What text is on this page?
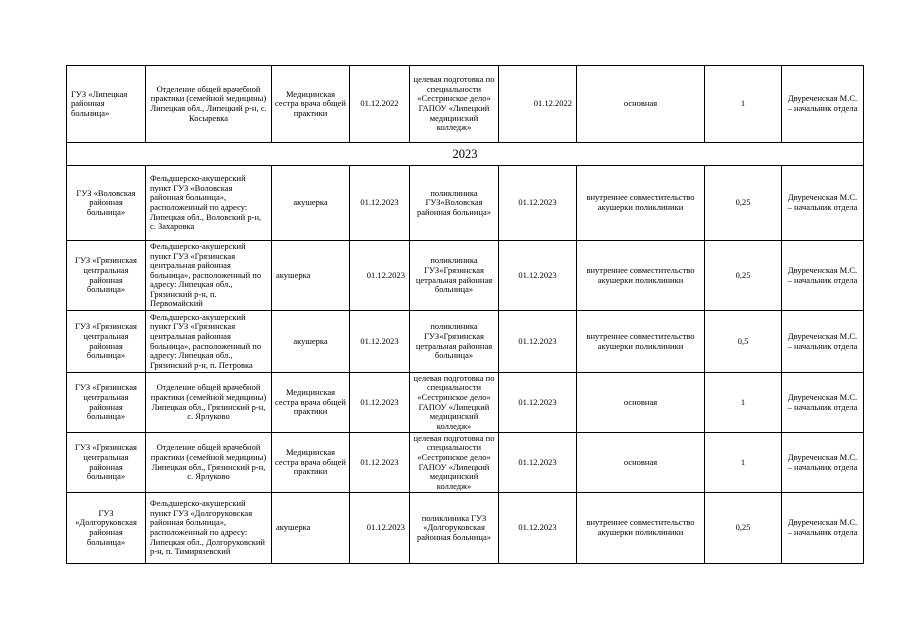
ГУЗ «Липецкая районная больница»	Отделение общей врачебной практики (семейной медицины) Липецкая обл., Липецкий р-н, с. Косыревка	Медицинская сестра врача общей практики	01.12.2022	целевая подготовка по специальности «Сестринское дело» ГАПОУ «Липецкий медицинский колледж»	01.12.2022	основная	1	Двуреченская М.С. – начальник отдела
2023								
ГУЗ «Воловская районная больница»	Фельдшерско-акушерский пункт ГУЗ «Воловская районная больница», расположенный по адресу: Липецкая обл., Воловский р-н, с. Захаровка	акушерка	01.12.2023	поликлиника ГУЗ«Воловская районная больница»	01.12.2023	внутреннее совместительство акушерки поликлиники	0,25	Двуреченская М.С. – начальник отдела
ГУЗ «Грязинская центральная районная больница»	Фельдшерско-акушерский пункт ГУЗ «Грязинская центральная районная больница», расположенный по адресу: Липецкая обл., Грязинский р-н, п. Первомайский	акушерка	01.12.2023	поликлиника ГУЗ«Грязинская цетральная районная больница»	01.12.2023	внутреннее совместительство акушерки поликлиники	0,25	Двуреченская М.С. – начальник отдела
ГУЗ «Грязинская центральная районная больница»	Фельдшерско-акушерский пункт ГУЗ «Грязинская центральная районная больница», расположенный по адресу: Липецкая обл., Грязинский р-н, п. Петровка	акушерка	01.12.2023	поликлиника ГУЗ«Грязинская цетральная районная больница»	01.12.2023	внутреннее совместительство акушерки поликлиники	0,5	Двуреченская М.С. – начальник отдела
ГУЗ «Грязинская центральная районная больница»	Отделение общей врачебной практики (семейной медицины) Липецкая обл., Грязинский р-н, с. Ярлуково	Медицинская сестра врача общей практики	01.12.2023	целевая подготовка по специальности «Сестринское дело» ГАПОУ «Липецкий медицинский колледж»	01.12.2023	основная	1	Двуреченская М.С. – начальник отдела
ГУЗ «Грязинская центральная районная больница»	Отделение общей врачебной практики (семейной медицины) Липецкая обл., Грязинский р-н, с. Ярлуково	Медицинская сестра врача общей практики	01.12.2023	целевая подготовка по специальности «Сестринское дело» ГАПОУ «Липецкий медицинский колледж»	01.12.2023	основная	1	Двуреченская М.С. – начальник отдела
ГУЗ «Долгоруковская районная больница»	Фельдшерско-акушерский пункт ГУЗ «Долгоруковская районная больница», расположенный по адресу: Липецкая обл., Долгоруковский р-н, п. Тимирязевский	акушерка	01.12.2023	поликлиника ГУЗ «Долгоруковская районная больница»	01.12.2023	внутреннее совместительство акушерки поликлиники	0,25	Двуреченская М.С. – начальник отдела
